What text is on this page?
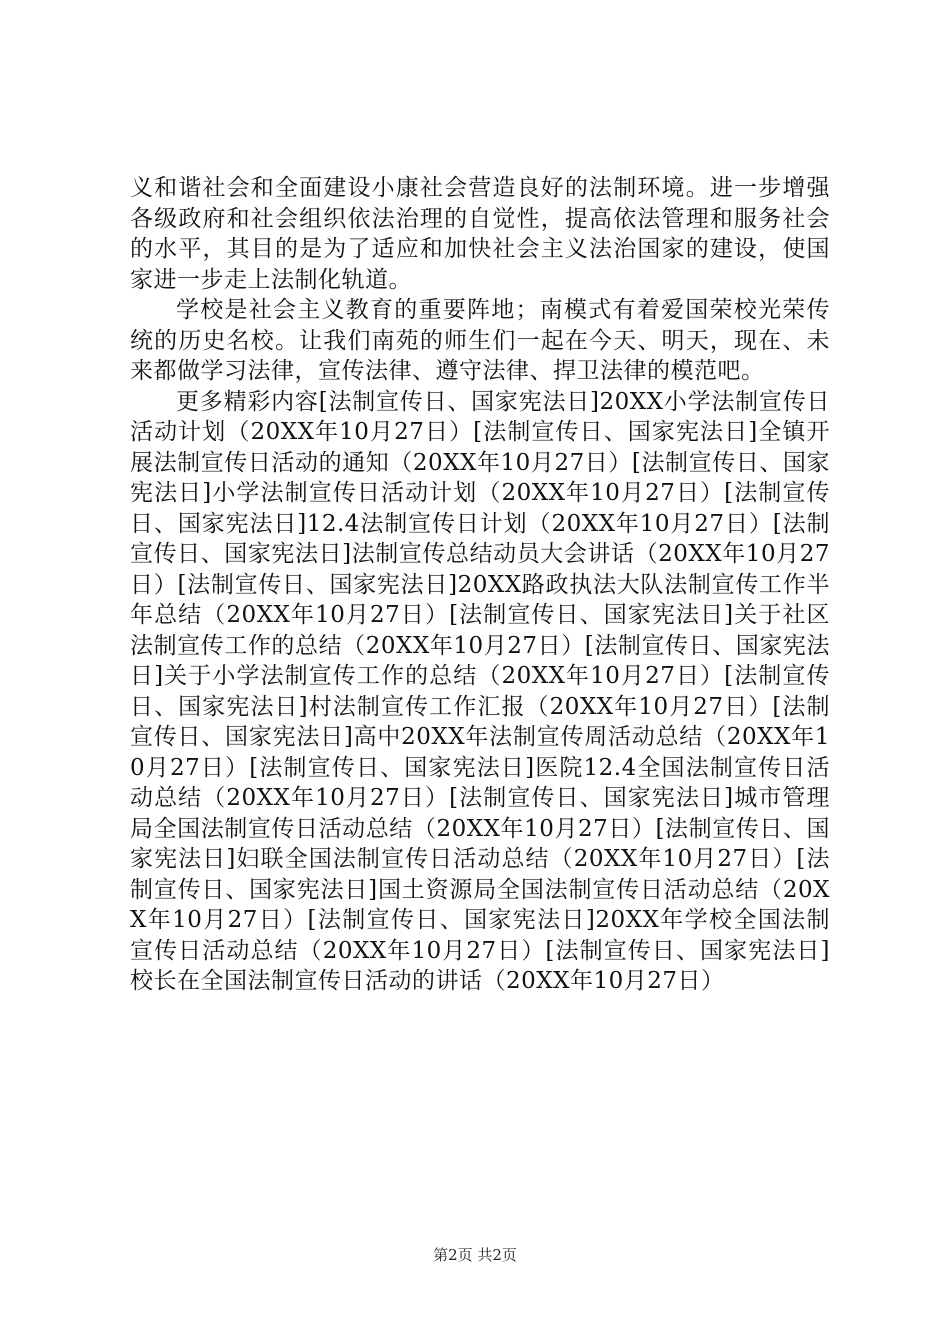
义和谐社会和全面建设小康社会营造良好的法制环境。进一步增强各级政府和社会组织依法治理的自觉性，提高依法管理和服务社会的水平，其目的是为了适应和加快社会主义法治国家的建设，使国家进一步走上法制化轨道。

学校是社会主义教育的重要阵地；南模式有着爱国荣校光荣传统的历史名校。让我们南苑的师生们一起在今天、明天，现在、未来都做学习法律，宣传法律、遵守法律、捍卫法律的模范吧。

更多精彩内容[法制宣传日、国家宪法日]20XX小学法制宣传日活动计划（20XX年10月27日）[法制宣传日、国家宪法日]全镇开展法制宣传日活动的通知（20XX年10月27日）[法制宣传日、国家宪法日]小学法制宣传日活动计划（20XX年10月27日）[法制宣传日、国家宪法日]12.4法制宣传日计划（20XX年10月27日）[法制宣传日、国家宪法日]法制宣传总结动员大会讲话（20XX年10月27日）[法制宣传日、国家宪法日]20XX路政执法大队法制宣传工作半年总结（20XX年10月27日）[法制宣传日、国家宪法日]关于社区法制宣传工作的总结（20XX年10月27日）[法制宣传日、国家宪法日]关于小学法制宣传工作的总结（20XX年10月27日）[法制宣传日、国家宪法日]村法制宣传工作汇报（20XX年10月27日）[法制宣传日、国家宪法日]高中20XX年法制宣传周活动总结（20XX年10月27日）[法制宣传日、国家宪法日]医院12.4全国法制宣传日活动总结（20XX年10月27日）[法制宣传日、国家宪法日]城市管理局全国法制宣传日活动总结（20XX年10月27日）[法制宣传日、国家宪法日]妇联全国法制宣传日活动总结（20XX年10月27日）[法制宣传日、国家宪法日]国土资源局全国法制宣传日活动总结（20XX年10月27日）[法制宣传日、国家宪法日]20XX年学校全国法制宣传日活动总结（20XX年10月27日）[法制宣传日、国家宪法日]校长在全国法制宣传日活动的讲话（20XX年10月27日）

第2页 共2页
